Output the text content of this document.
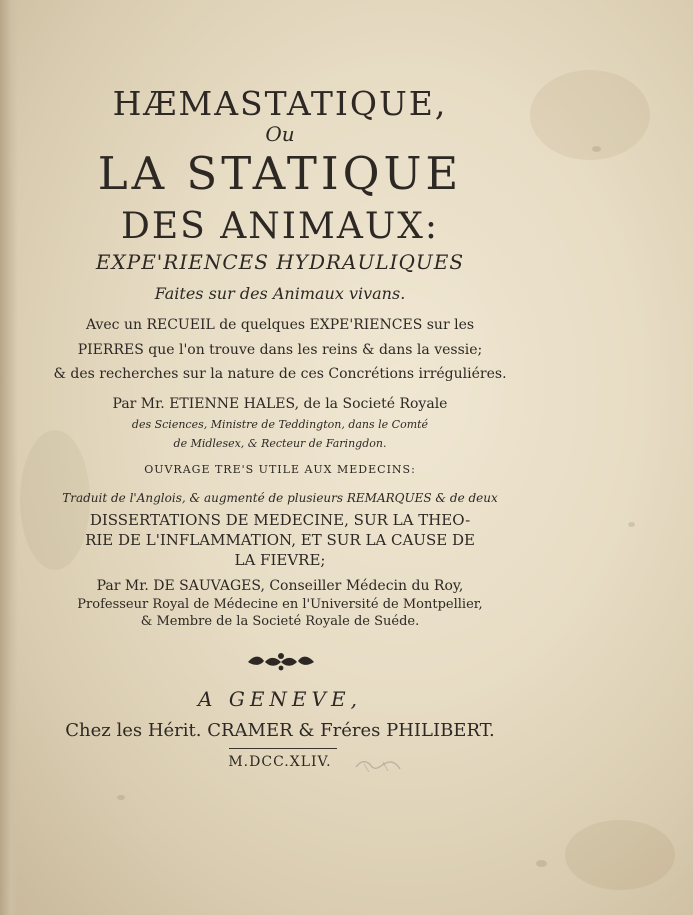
HÆMASTATIQUE,
Ou
LA STATIQUE
DES ANIMAUX:
EXPE'RIENCES HYDRAULIQUES
Faites sur des Animaux vivans.
Avec un RECUEIL de quelques EXPE'RIENCES sur les
PIERRES que l'on trouve dans les reins & dans la vessie;
& des recherches sur la nature de ces Concrétions irréguliéres.
Par Mr. ETIENNE HALES, de la Societé Royale
des Sciences, Ministre de Teddington, dans le Comté
de Midlesex, & Recteur de Faringdon.
OUVRAGE TRE'S UTILE AUX MEDECINS:
Traduit de l'Anglois, & augmenté de plusieurs REMARQUES & de deux
DISSERTATIONS DE MEDECINE, SUR LA THEO-
RIE DE L'INFLAMMATION, ET SUR LA CAUSE DE
LA FIEVRE;
Par Mr. DE SAUVAGES, Conseiller Médecin du Roy,
Professeur Royal de Médecine en l'Université de Montpellier,
& Membre de la Societé Royale de Suéde.
A GENEVE,
Chez les Hérit. CRAMER & Fréres PHILIBERT.
M.DCC.XLIV.
